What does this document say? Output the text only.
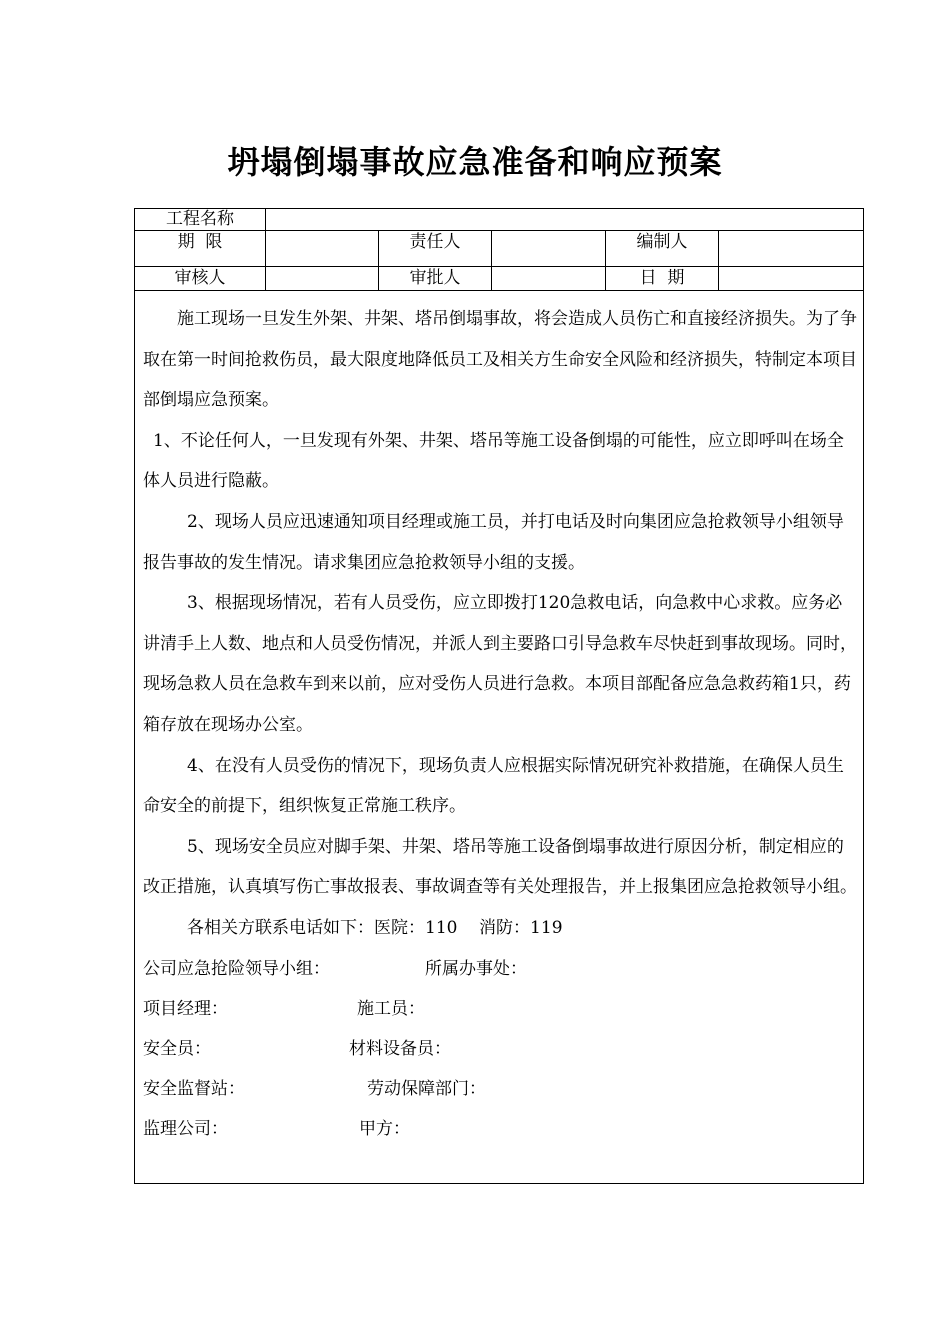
坍塌倒塌事故应急准备和响应预案
工程名称
期  限	责任人	编制人
审核人	审批人	日  期

施工现场一旦发生外架、井架、塔吊倒塌事故，将会造成人员伤亡和直接经济损失。为了争取在第一时间抢救伤员，最大限度地降低员工及相关方生命安全风险和经济损失，特制定本项目部倒塌应急预案。

1、不论任何人，一旦发现有外架、井架、塔吊等施工设备倒塌的可能性，应立即呼叫在场全体人员进行隐蔽。

2、现场人员应迅速通知项目经理或施工员，并打电话及时向集团应急抢救领导小组领导报告事故的发生情况。请求集团应急抢救领导小组的支援。

3、根据现场情况，若有人员受伤，应立即拨打120急救电话，向急救中心求救。应务必讲清手上人数、地点和人员受伤情况，并派人到主要路口引导急救车尽快赶到事故现场。同时，现场急救人员在急救车到来以前，应对受伤人员进行急救。本项目部配备应急急救药箱1只，药箱存放在现场办公室。

4、在没有人员受伤的情况下，现场负责人应根据实际情况研究补救措施，在确保人员生命安全的前提下，组织恢复正常施工秩序。

5、现场安全员应对脚手架、井架、塔吊等施工设备倒塌事故进行原因分析，制定相应的改正措施，认真填写伤亡事故报表、事故调查等有关处理报告，并上报集团应急抢救领导小组。

各相关方联系电话如下：医院：110    消防：119

公司应急抢险领导小组：	所属办事处：
项目经理：	施工员：
安全员：	材料设备员：
安全监督站：	劳动保障部门：
监理公司：	甲方：
